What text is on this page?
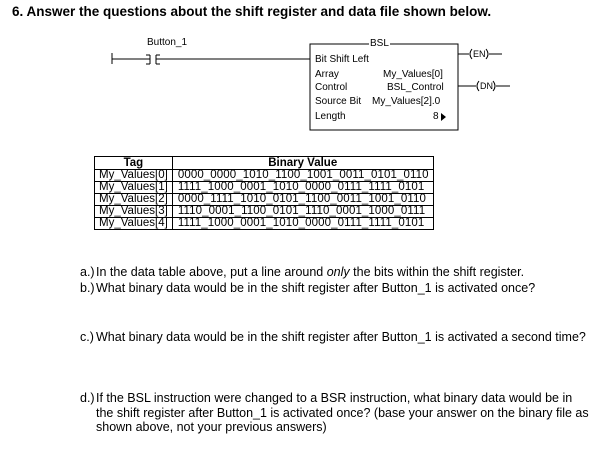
6. Answer the questions about the shift register and data file shown below.
Button_1	BSL
Bit Shift Left
Array	My_Values[0]
Control	BSL_Control
Source Bit My_Values[2].0
Length	8
EN
DN
Tag	Binary Value
My_Values[0]	0000_0000_1010_1100_1001_0011_0101_0110
My_Values[1]	1111_1000_0001_1010_0000_0111_1111_0101
My_Values[2]	0000_1111_1010_0101_1100_0011_1001_0110
My_Values[3]	1110_0001_1100_0101_1110_0001_1000_0111
My_Values[4]	1111_1000_0001_1010_0000_0111_1111_0101
a.) In the data table above, put a line around only the bits within the shift register.
b.) What binary data would be in the shift register after Button_1 is activated once?
c.) What binary data would be in the shift register after Button_1 is activated a second time?
d.) If the BSL instruction were changed to a BSR instruction, what binary data would be in the shift register after Button_1 is activated once? (base your answer on the binary file as shown above, not your previous answers)
